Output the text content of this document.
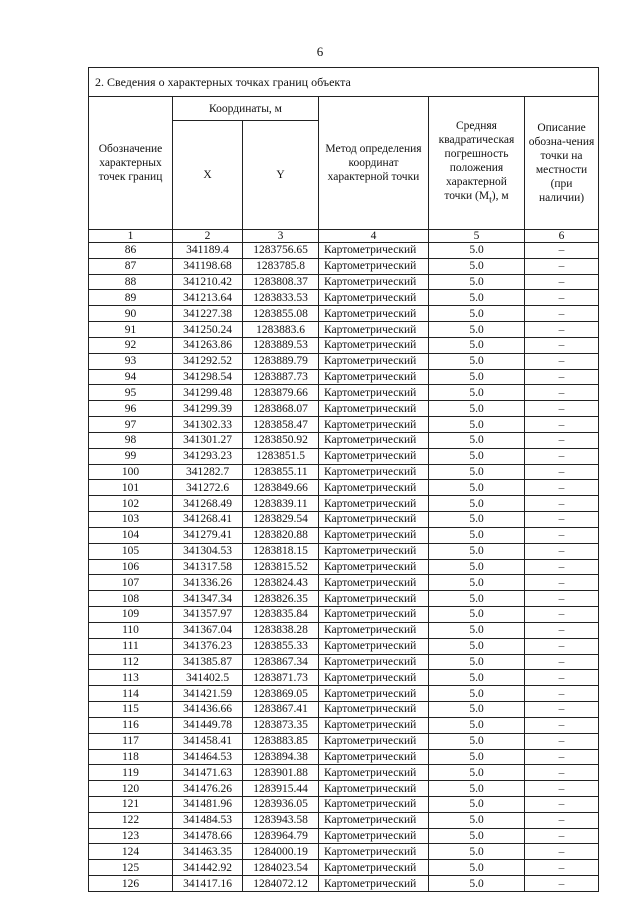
6
2. Сведения о характерных точках границ объекта					
Обозначение характерных точек границ	Координаты, м		Метод определения координат характерной точки	Средняя квадратическая погрешность положения характерной точки $(M_t)$, м	Описание обозна-чения точки на местности (при наличии)
	X	Y			
1	2	3	4	5	6
86	341189.4	1283756.65	Картометрический	5.0	–
87	341198.68	1283785.8	Картометрический	5.0	–
88	341210.42	1283808.37	Картометрический	5.0	–
89	341213.64	1283833.53	Картометрический	5.0	–
90	341227.38	1283855.08	Картометрический	5.0	–
91	341250.24	1283883.6	Картометрический	5.0	–
92	341263.86	1283889.53	Картометрический	5.0	–
93	341292.52	1283889.79	Картометрический	5.0	–
94	341298.54	1283887.73	Картометрический	5.0	–
95	341299.48	1283879.66	Картометрический	5.0	–
96	341299.39	1283868.07	Картометрический	5.0	–
97	341302.33	1283858.47	Картометрический	5.0	–
98	341301.27	1283850.92	Картометрический	5.0	–
99	341293.23	1283851.5	Картометрический	5.0	–
100	341282.7	1283855.11	Картометрический	5.0	–
101	341272.6	1283849.66	Картометрический	5.0	–
102	341268.49	1283839.11	Картометрический	5.0	–
103	341268.41	1283829.54	Картометрический	5.0	–
104	341279.41	1283820.88	Картометрический	5.0	–
105	341304.53	1283818.15	Картометрический	5.0	–
106	341317.58	1283815.52	Картометрический	5.0	–
107	341336.26	1283824.43	Картометрический	5.0	–
108	341347.34	1283826.35	Картометрический	5.0	–
109	341357.97	1283835.84	Картометрический	5.0	–
110	341367.04	1283838.28	Картометрический	5.0	–
111	341376.23	1283855.33	Картометрический	5.0	–
112	341385.87	1283867.34	Картометрический	5.0	–
113	341402.5	1283871.73	Картометрический	5.0	–
114	341421.59	1283869.05	Картометрический	5.0	–
115	341436.66	1283867.41	Картометрический	5.0	–
116	341449.78	1283873.35	Картометрический	5.0	–
117	341458.41	1283883.85	Картометрический	5.0	–
118	341464.53	1283894.38	Картометрический	5.0	–
119	341471.63	1283901.88	Картометрический	5.0	–
120	341476.26	1283915.44	Картометрический	5.0	–
121	341481.96	1283936.05	Картометрический	5.0	–
122	341484.53	1283943.58	Картометрический	5.0	–
123	341478.66	1283964.79	Картометрический	5.0	–
124	341463.35	1284000.19	Картометрический	5.0	–
125	341442.92	1284023.54	Картометрический	5.0	–
126	341417.16	1284072.12	Картометрический	5.0	–
